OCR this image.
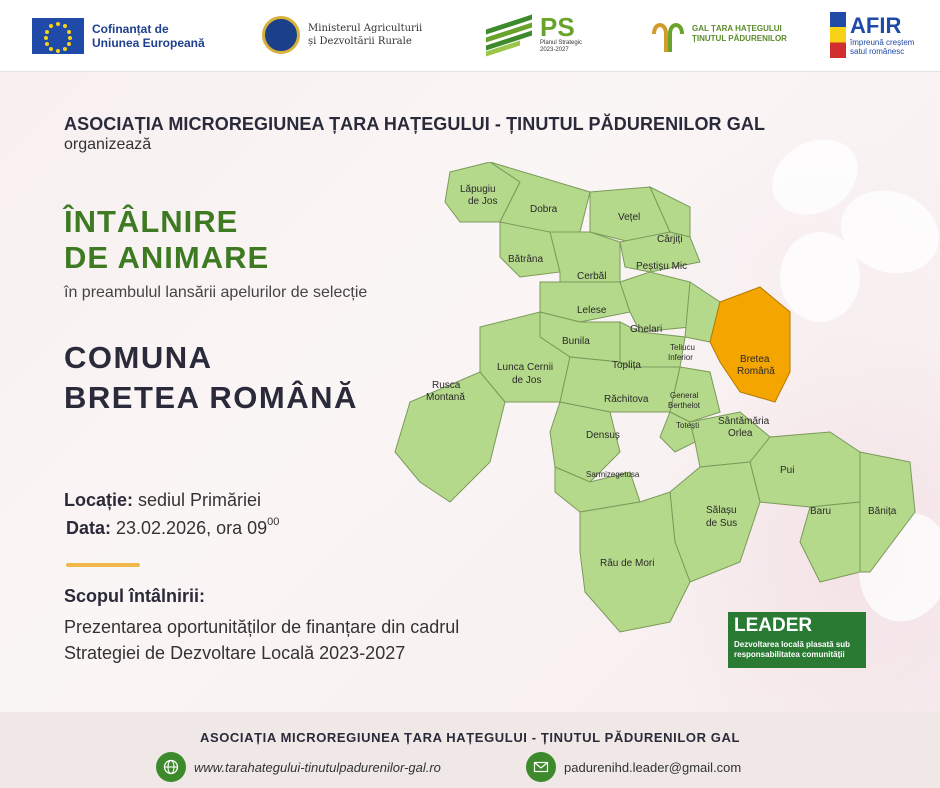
Cofinanțat de
Uniunea Europeană
Ministerul Agriculturii
și Dezvoltării Rurale	PS
Planul Strategic
2023-2027
GAL ȚARA HAȚEGULUI
ȚINUTUL PĂDURENILOR
AFIR
împreună creștem
satul românesc
ASOCIAȚIA MICROREGIUNEA ȚARA HAȚEGULUI - ȚINUTUL PĂDURENILOR GAL
organizează
ÎNTÂLNIRE
DE ANIMARE
în preambulul lansării apelurilor de selecție
COMUNA
BRETEA ROMÂNĂ
Locație: sediul Primăriei
Data: 23.02.2026, ora $09^{00}$
Scopul întâlnirii:
Prezentarea oportunităților de finanțare din cadrul Strategiei de Dezvoltare Locală 2023-2027
Lăpugiu
de Jos
Dobra
Vețel
Cârjiți
Bătrâna
Peștișu Mic
Cerbăl
Lelese
Ghelari
Bunila
Teliucu
Inferior	Bretea
Română
Lunca Cernii
de Jos
Toplița
Rusca
Montană	Răchitova	General
Berthelot
Totești
Densuș
Sântămăria
Orlea
Pui
Sarmizegetusa
Sălașu
de Sus
Baru	Bănița
Râu de Mori
LEADER
Dezvoltarea locală plasată sub
responsabilitatea comunității
ASOCIAȚIA MICROREGIUNEA ȚARA HAȚEGULUI - ȚINUTUL PĂDURENILOR GAL
www.tarahategului-tinutulpadurenilor-gal.ro	padurenihd.leader@gmail.com
